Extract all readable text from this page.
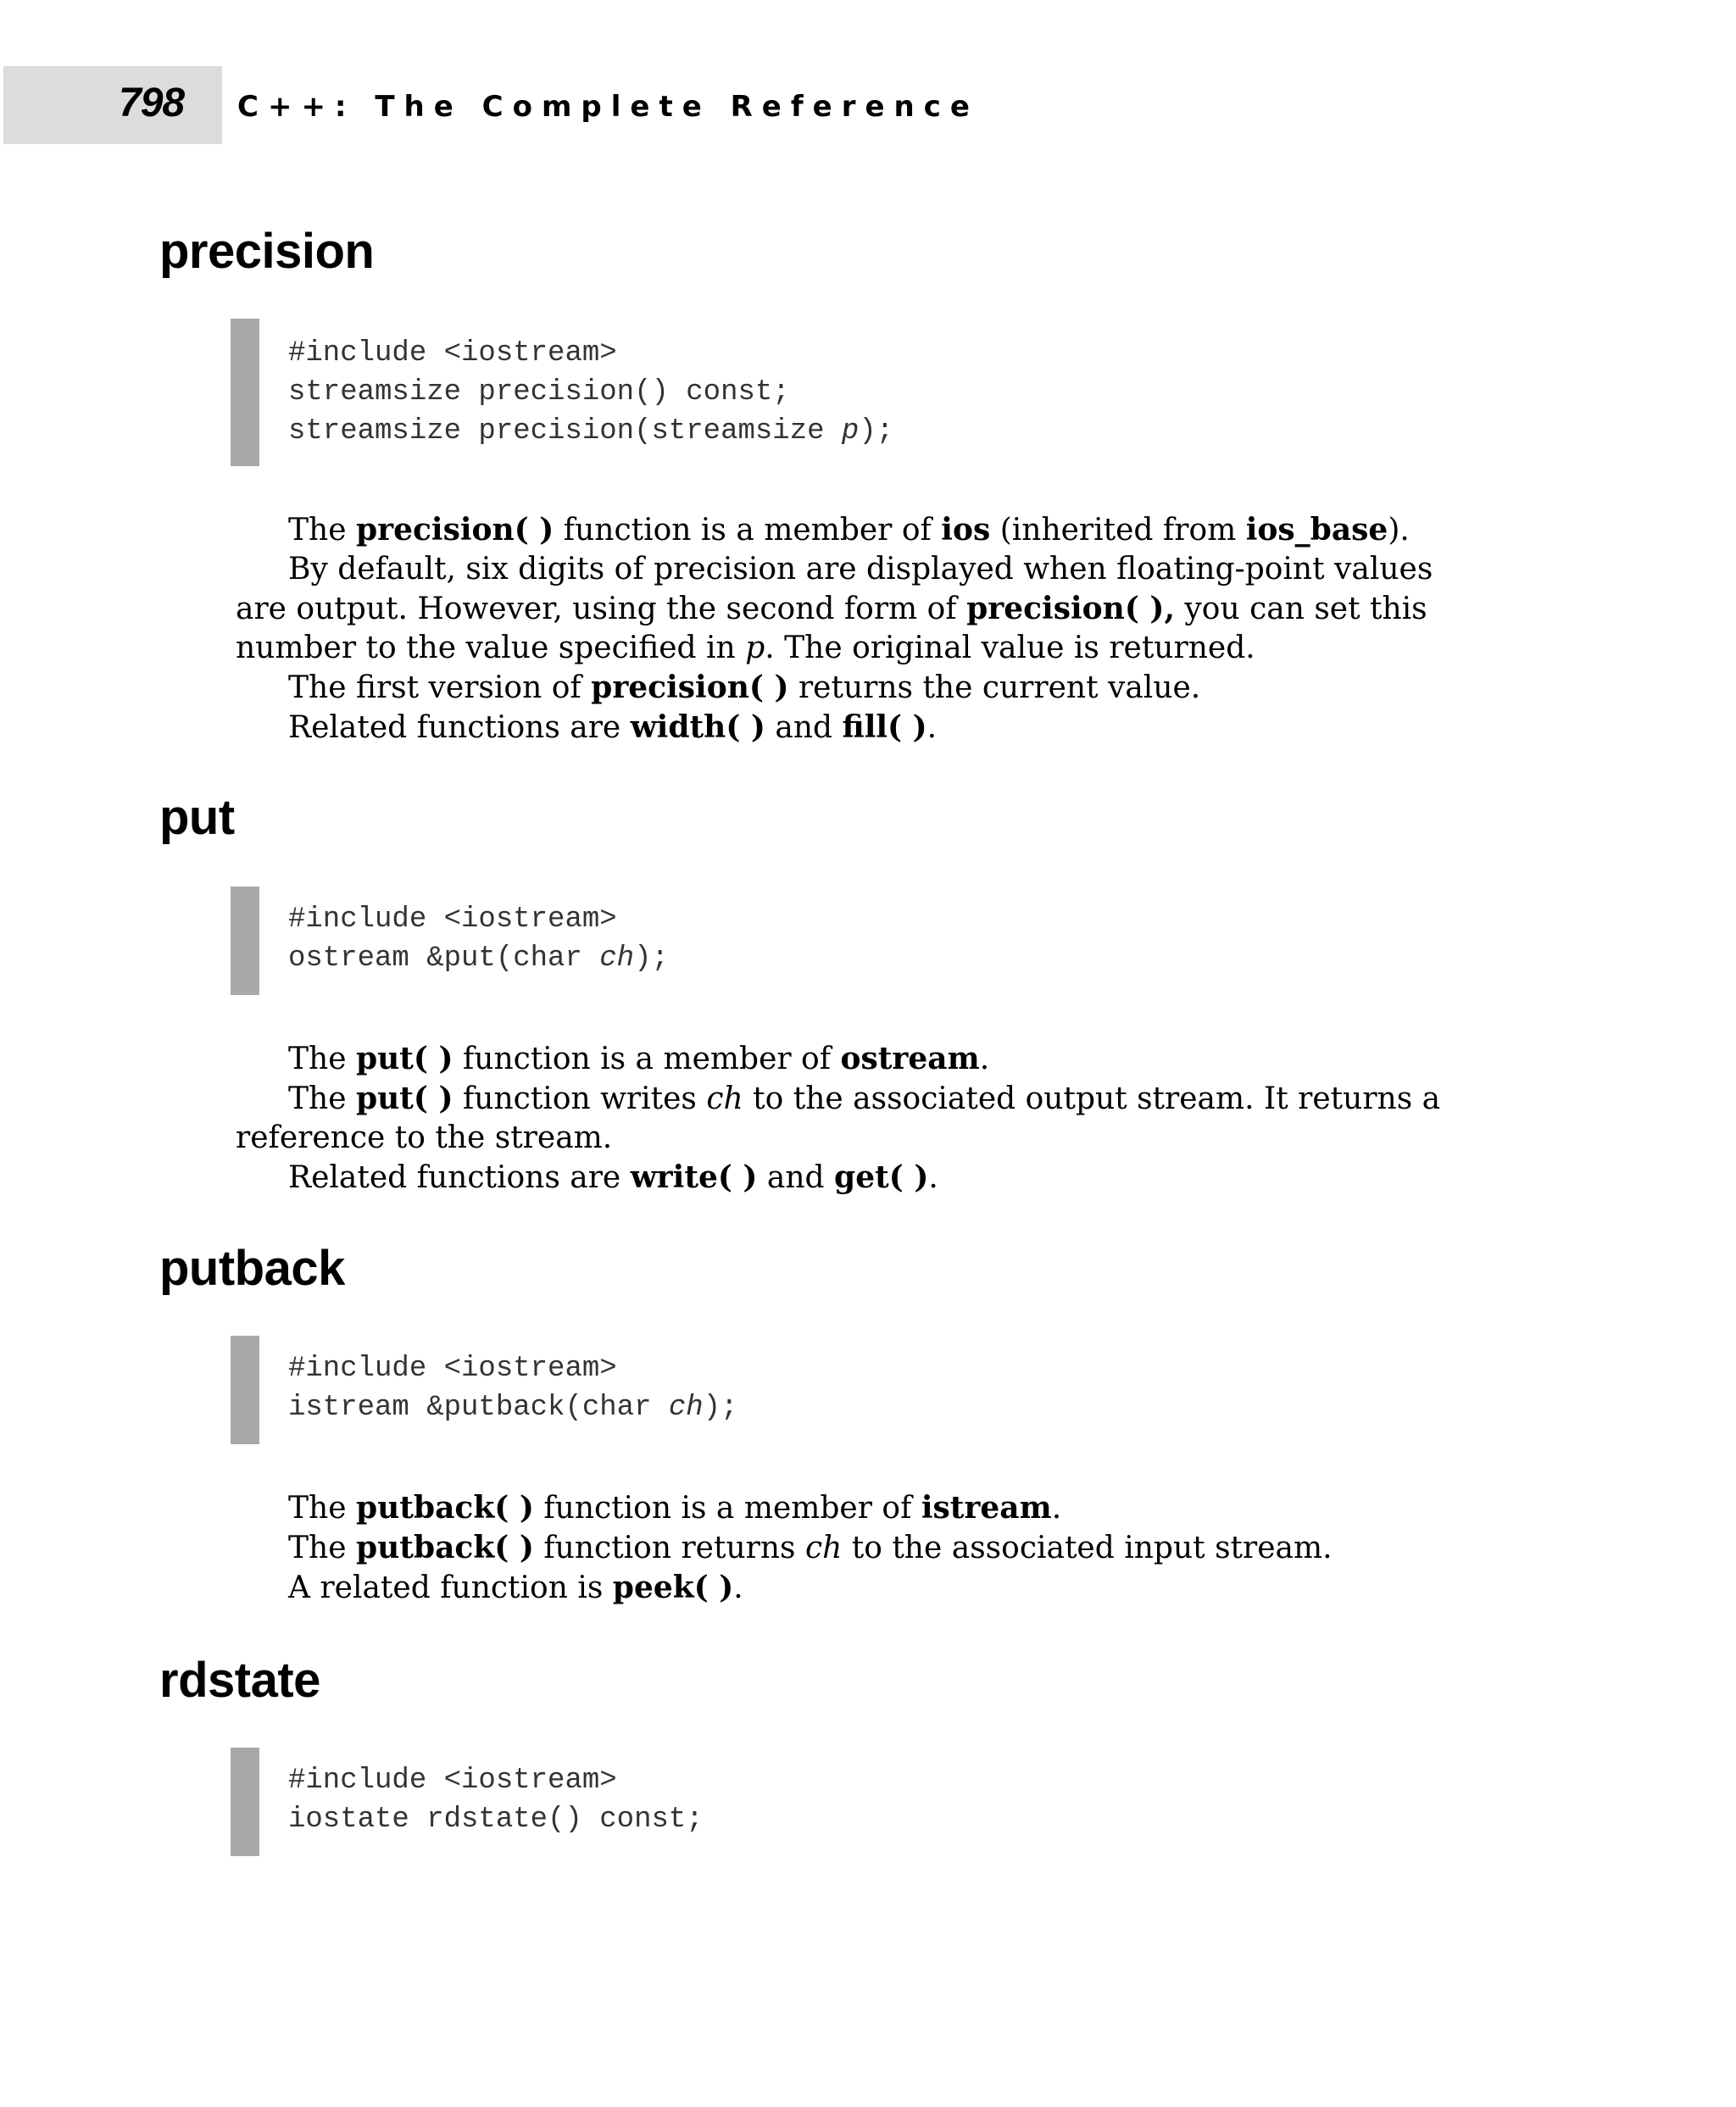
798 C++: The Complete Reference
precision
#include <iostream>
streamsize precision() const;
streamsize precision(streamsize p);

The precision( ) function is a member of ios (inherited from ios_base).

By default, six digits of precision are displayed when floating-point values are output. However, using the second form of precision( ), you can set this number to the value specified in p. The original value is returned.

The first version of precision( ) returns the current value.

Related functions are width( ) and fill( ).

put
#include <iostream>
ostream &put(char ch);

The put( ) function is a member of ostream.

The put( ) function writes ch to the associated output stream. It returns a reference to the stream.

Related functions are write( ) and get( ).

putback
#include <iostream>
istream &putback(char ch);

The putback( ) function is a member of istream.

The putback( ) function returns ch to the associated input stream.

A related function is peek( ).

rdstate
#include <iostream>
iostate rdstate() const;
